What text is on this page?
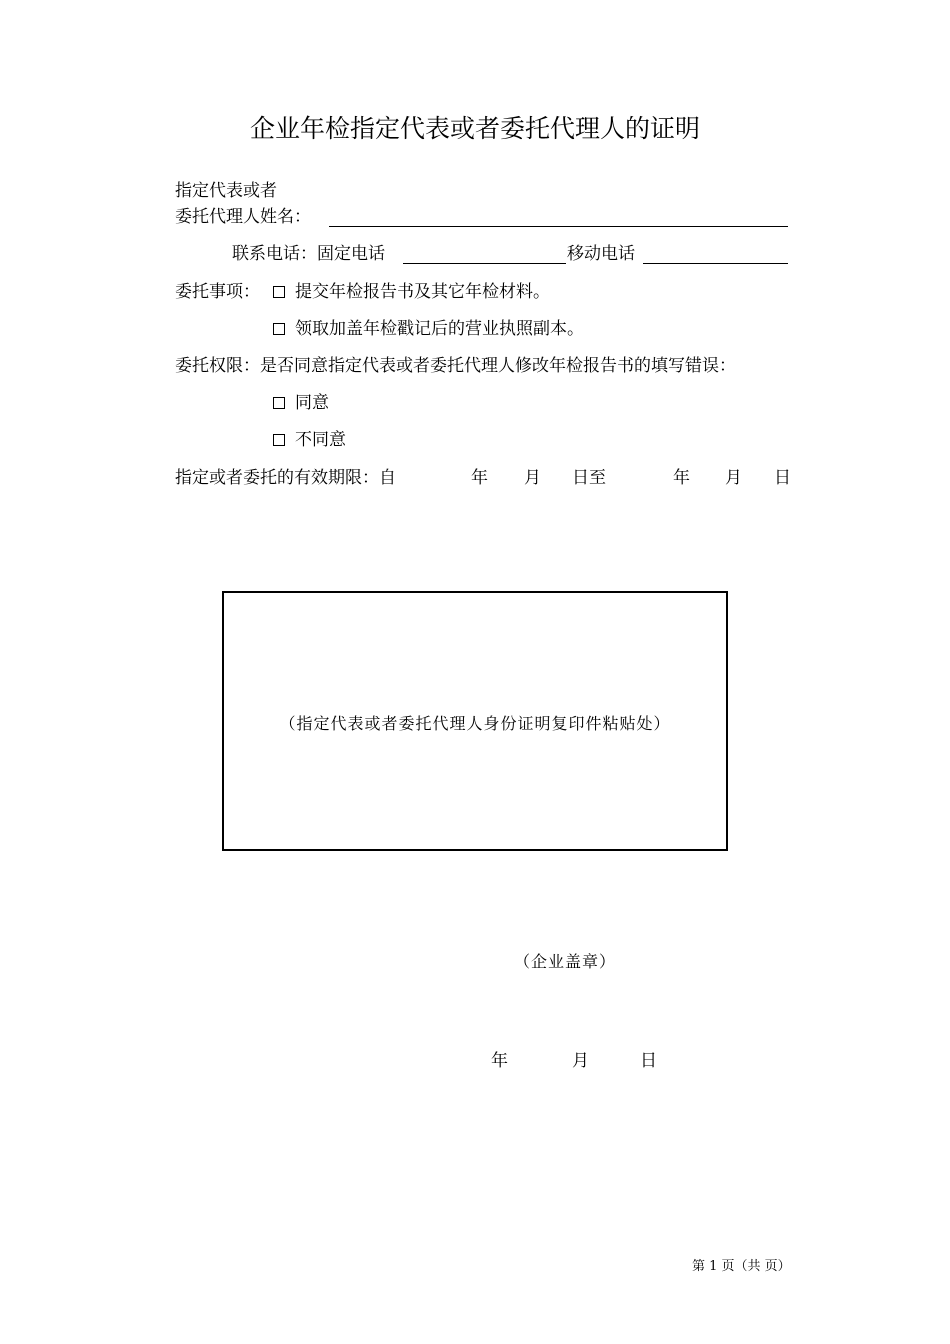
企业年检指定代表或者委托代理人的证明
指定代表或者
委托代理人姓名：
联系电话：固定电话	移动电话
委托事项：	提交年检报告书及其它年检材料。
领取加盖年检戳记后的营业执照副本。
委托权限：是否同意指定代表或者委托代理人修改年检报告书的填写错误：
同意
不同意
指定或者委托的有效期限：自	年 月 日至	年 月 日
（指定代表或者委托代理人身份证明复印件粘贴处）
（企业盖章）
年	月	日
第 1 页（共 页）
